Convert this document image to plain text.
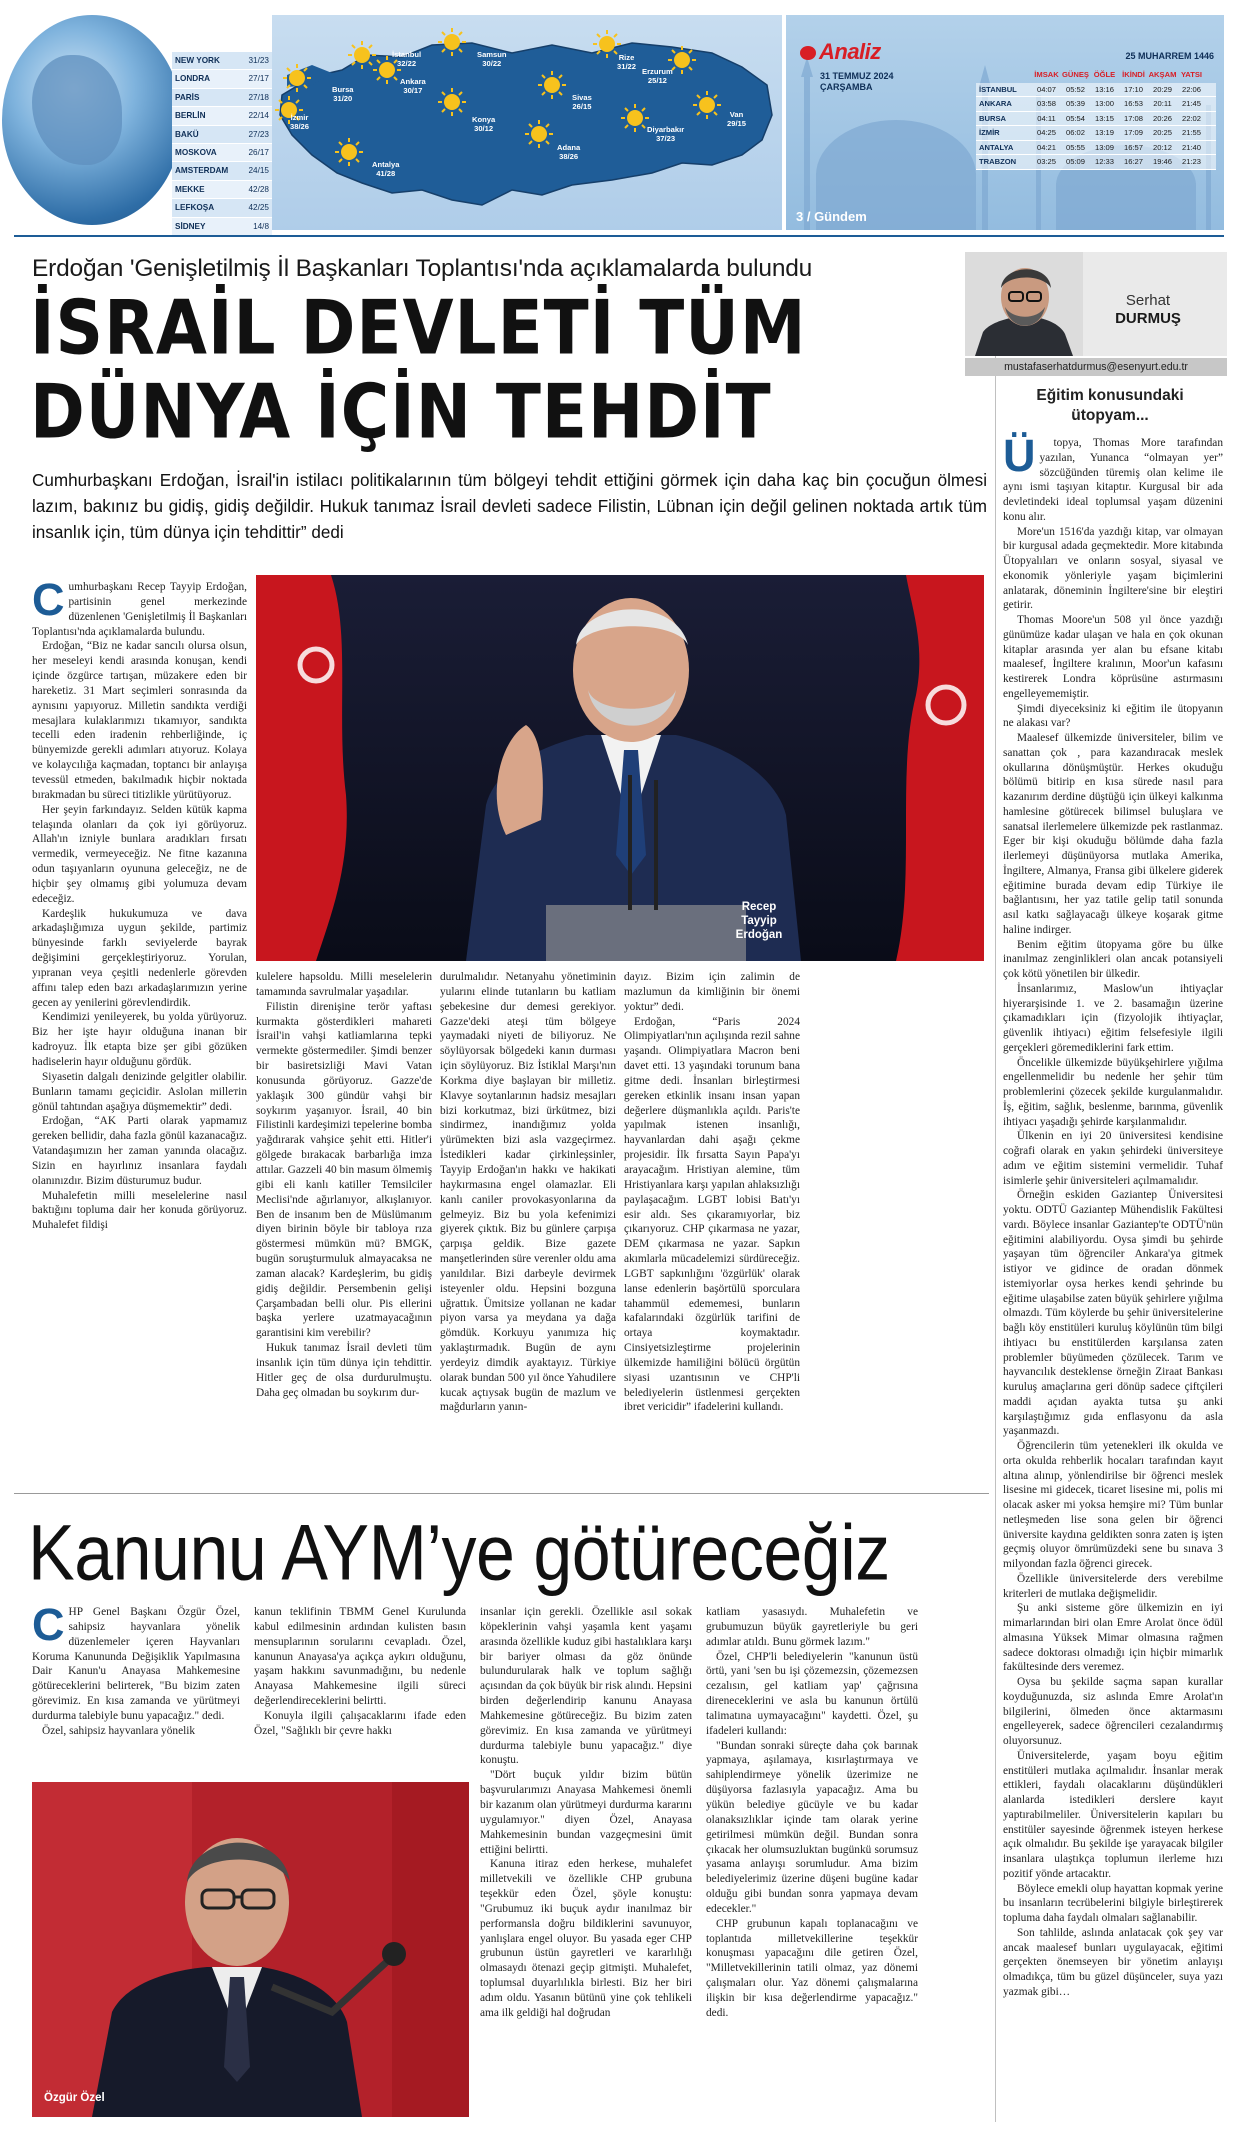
NEW YORK	31/23
LONDRA	27/17
PARİS	27/18
BERLİN	22/14
BAKÜ	27/23
MOSKOVA	26/17
AMSTERDAM 24/15
MEKKE	42/28
LEFKOŞA	42/25
SİDNEY	14/8
İstanbul
32/22
Bursa
31/20
Ankara
30/17
İzmir
38/26
Antalya
41/28
Konya
30/12
Samsun
30/22
Sivas
26/15
Adana
38/26
Rize
31/22
Erzurum
25/12
Diyarbakır
37/23
Van
29/15
Analiz
31 TEMMUZ 2024
ÇARŞAMBA
25 MUHARREM 1446
İMSAK GÜNEŞ ÖĞLE İKİNDİ AKŞAM YATSI
İSTANBUL	04:07	05:52	13:16	17:10	20:29	22:06
ANKARA	03:58	05:39	13:00	16:53	20:11	21:45
BURSA	04:11	05:54	13:15	17:08	20:26	22:02
İZMİR	04:25	06:02	13:19	17:09	20:25	21:55
ANTALYA	04:21	05:55	13:09	16:57	20:12	21:40
TRABZON	03:25	05:09	12:33	16:27	19:46	21:23
3 / Gündem
Erdoğan 'Genişletilmiş İl Başkanları Toplantısı'nda açıklamalarda bulundu
İSRAİL DEVLETİ TÜM
DÜNYA İÇİN TEHDİT
Cumhurbaşkanı Erdoğan, İsrail'in istilacı politikalarının tüm bölgeyi tehdit ettiğini görmek için daha kaç bin çocuğun ölmesi lazım, bakınız bu gidiş, gidiş değildir. Hukuk tanımaz İsrail devleti sadece Filistin, Lübnan için değil gelinen noktada artık tüm insanlık için, tüm dünya için tehdittir” dedi
C umhurbaşkanı Recep Tayyip Erdoğan, partisinin genel merkezinde düzenlenen 'Genişletilmiş İl Başkanları Toplantısı'nda açıklamalarda bulundu.

Erdoğan, “Biz ne kadar sancılı olursa olsun, her meseleyi kendi arasında konuşan, kendi içinde özgürce tartışan, müzakere eden bir hareketiz. 31 Mart seçimleri sonrasında da aynısını yapıyoruz. Milletin sandıkta verdiği mesajlara kulaklarımızı tıkamıyor, sandıkta tecelli eden iradenin rehberliğinde, iç bünyemizde gerekli adımları atıyoruz. Kolaya ve kolaycılığa kaçmadan, toptancı bir anlayışa tevessül etmeden, bakılmadık hiçbir noktada bırakmadan bu süreci titizlikle yürütüyoruz.

Her şeyin farkındayız. Selden kütük kapma telaşında olanları da çok iyi görüyoruz. Allah'ın izniyle bunlara aradıkları fırsatı vermedik, vermeyeceğiz. Ne fitne kazanına odun taşıyanların oyununa geleceğiz, ne de hiçbir şey olmamış gibi yolumuza devam edeceğiz.

Kardeşlik hukukumuza ve dava arkadaşlığımıza uygun şekilde, partimiz bünyesinde farklı seviyelerde bayrak değişimini gerçekleştiriyoruz. Yorulan, yıpranan veya çeşitli nedenlerle görevden affını talep eden bazı arkadaşlarımızın yerine gecen ay yenilerini görevlendirdik.

Kendimizi yenileyerek, bu yolda yürüyoruz. Biz her işte hayır olduğuna inanan bir kadroyuz. İlk etapta bize şer gibi gözüken hadiselerin hayır olduğunu gördük.

Siyasetin dalgalı denizinde gelgitler olabilir. Bunların tamamı geçicidir. Aslolan millетin gönül tahtından aşağıya düşmemektir” dedi.

Erdoğan, “AK Parti olarak yapmamız gereken bellidir, daha fazla gönül kazanacağız. Vatandaşımızın her zaman yanında olacağız. Sizin en hayırlınız insanlara faydalı olanınızdır. Bizim düsturumuz budur.

Muhalefetin milli meselelerine nasıl baktığını topluma dair her konuda görüyoruz. Muhalefet fildişi

Recep Tayyip Erdoğan

kulelere hapsoldu. Milli meselelerin tamamında savrulmalar yaşadılar.

Filistin direnişine terör yaftası kurmakta gösterdikleri mahareti İsrail'in vahşi katliamlarına tepki vermekte göstermediler. Şimdi benzer bir basiretsizliği Mavi Vatan konusunda görüyoruz. Gazze'de yaklaşık 300 gündür vahşi bir soykırım yaşanıyor. İsrail, 40 bin Filistinli kardeşimizi tepelerine bomba yağdırarak vahşice şehit etti. Hitler'i gölgede bırakacak barbarlığa imza attılar. Gazzeli 40 bin masum ölmemiş gibi eli kanlı katiller Temsilciler Meclisi'nde ağırlanıyor, alkışlanıyor. Ben de insanım ben de Müslümanım diyen birinin böyle bir tabloya rıza göstermesi mümkün mü? BMGK, bugün soruşturmuluk almayacaksa ne zaman alacak? Kardeşlerim, bu gidiş gidiş değildir. Persembenin gelişi Çarşambadan belli olur. Pis ellerini başka yerlere uzatmayacağının garantisini kim verebilir?

Hukuk tanımaz İsrail devleti tüm insanlık için tüm dünya için tehdittir. Hitler geç de olsa durdurulmuştu. Daha geç olmadan bu soykırım dur-

durulmalıdır. Netanyahu yönetiminin yularını elinde tutanların bu katliam şebekesine dur demesi gerekiyor. Gazze'deki ateşi tüm bölgeye yaymadaki niyeti de biliyoruz. Ne söylüyorsak bölgedeki kanın durması için söylüyoruz. Biz İstiklal Marşı'nın Korkma diye başlayan bir milletiz. Klavye soytanlarının hadsiz mesajları bizi korkutmaz, bizi ürkütmez, bizi sindirmez, inandığımız yolda yürümekten bizi asla vazgeçirmez. İstedikleri kadar çirkinleşsinler, Tayyip Erdoğan'ın hakkı ve hakikati haykırmasına engel olamazlar. Eli kanlı caniler provokasyonlarına da gelmeyiz. Biz bu yola kefenimizi giyerek çıktık. Biz bu günlere çarpışa çarpışa geldik. Bize gazete manşetlerinden süre verenler oldu ama yanıldılar. Bizi darbeyle devirmek isteyenler oldu. Hepsini bozguna uğrattık. Ümitsize yollanan ne kadar piyon varsa ya meydana ya dağa gömdük. Korkuyu yanımıza hiç yaklaştırmadık. Bugün de aynı yerdeyiz dimdik ayaktayız. Türkiye olarak bundan 500 yıl önce Yahudilere kucak açtıysak bugün de mazlum ve mağdurların yanın-

dayız. Bizim için zalimin de mazlumun da kimliğinin bir önemi yoktur” dedi.

Erdoğan, “Paris 2024 Olimpiyatları'nın açılışında rezil sahne yaşandı. Olimpiyatlara Macron beni davet etti. 13 yaşındaki torunum bana gitme dedi. İnsanları birleştirmesi gereken etkinlik insanı insan yapan değerlere düşmanlıkla açıldı. Paris'te yapılmak istenen insanlığı, hayvanlardan dahi aşağı çekme projesidir. İlk fırsatta Sayın Papa'yı arayacağım. Hristiyan alemine, tüm Hristiyanlara karşı yapılan ahlaksızlığı paylaşacağım. LGBT lobisi Batı'yı esir aldı. Ses çıkaramıyorlar, biz çıkarıyoruz. CHP çıkarmasa ne yazar, DEM çıkarmasa ne yazar. Sapkın akımlarla mücadelemizi sürdüreceğiz. LGBT sapkınlığını 'özgürlük' olarak lanse edenlerin başörtülü sporculara tahammül edememesi, bunların kafalarındaki özgürlük tarifini de ortaya koymaktadır. Cinsiyetsizleştirme projelerinin ülkemizde hamiliğini bölücü örgütün siyasi uzantısının ve CHP'li belediyelerin üstlenmesi gerçekten ibret vericidir” ifadelerini kullandı.

Kanunu AYM’ye götüreceğiz
C HP Genel Başkanı Özgür Özel, sahipsiz hayvanlara yönelik düzenlemeler içeren Hayvanları Koruma Kanununda Değişiklik Yapılmasına Dair Kanun'u Anayasa Mahkemesine götüreceklerini belirterek, "Bu bizim zaten görevimiz. En kısa zamanda ve yürütmeyi durdurma talebiyle bunu yapacağız." dedi.

Özel, sahipsiz hayvanlara yönelik

kanun teklifinin TBMM Genel Kurulunda kabul edilmesinin ardından kulisten basın mensuplarının sorularını cevapladı. Özel, kanunun Anayasa'ya açıkça aykırı olduğunu, yaşam hakkını savunmadığını, bu nedenle Anayasa Mahkemesine ilgili süreci değerlendireceklerini belirtti.

Konuyla ilgili çalışacaklarını ifade eden Özel, "Sağlıklı bir çevre hakkı

insanlar için gerekli. Özellikle asıl sokak köpeklerinin vahşi yaşamla kent yaşamı arasında özellikle kuduz gibi hastalıklara karşı bir bariyer olması da göz önünde bulundurularak halk ve toplum sağlığı açısından da çok büyük bir risk alındı. Hepsini birden değerlendirip kanunu Anayasa Mahkemesine götüreceğiz. Bu bizim zaten görevimiz. En kısa zamanda ve yürütmeyi durdurma talebiyle bunu yapacağız." diye konuştu.

"Dört buçuk yıldır bizim bütün başvurularımızı Anayasa Mahkemesi önemli bir kazanım olan yürütmeyi durdurma kararını uygulamıyor." diyen Özel, Anayasa Mahkemesinin bundan vazgeçmesini ümit ettiğini belirtti.

Kanuna itiraz eden herkese, muhalefet milletvekili ve özellikle CHP grubuna teşekkür eden Özel, şöyle konuştu: "Grubumuz iki buçuk aydır inanılmaz bir performansla doğru bildiklerini savunuyor, yanlışlara engel oluyor. Bu yasada eger CHP grubunun üstün gayretleri ve kararlılığı olmasaydı ötenazi geçip gitmişti. Muhalefet, toplumsal duyarlılıkla birlesti. Biz her biri adım oldu. Yasanın bütünü yine çok tehlikeli ama ilk geldiği hal doğrudan

katliam yasasıydı. Muhalefetin ve grubumuzun büyük gayretleriyle bu geri adımlar atıldı. Bunu görmek lazım."

Özel, CHP'li belediyelerin "kanunun üstü örtü, yani 'sen bu işi çözemezsin, çözemezsen cezalısın, gel katliam yap' çağrısına direneceklerini ve asla bu kanunun örtülü talimatına uymayacağını" kaydetti. Özel, şu ifadeleri kullandı:

"Bundan sonraki süreçte daha çok barınak yapmaya, aşılamaya, kısırlaştırmaya ve sahiplendirmeye yönelik üzerimize ne düşüyorsa fazlasıyla yapacağız. Ama bu yükün belediye gücüyle ve bu kadar olanaksızlıklar içinde tam olarak yerine getirilmesi mümkün değil. Bundan sonra çıkacak her olumsuzluktan bugünkü sorumsuz yasama anlayışı sorumludur. Ama bizim belediyelerimiz üzerine düşeni bugüne kadar olduğu gibi bundan sonra yapmaya devam edecekler."

CHP grubunun kapalı toplanacağını ve toplantıda milletvekillerine teşekkür konuşması yapacağını dile getiren Özel, "Milletvekillerinin tatili olmaz, yaz dönemi çalışmaları olur. Yaz dönemi çalışmalarına ilişkin bir kısa değerlendirme yapacağız." dedi.

Özgür Özel
Serhat
DURMUŞ
mustafaserhatdurmus@esenyurt.edu.tr
Eğitim konusundaki
ütopyam...
Ü	topya, Thomas More tarafından yazılan, Yunanca “olmayan yer” sözcüğünden türemiş olan kelime ile aynı ismi taşıyan kitaptır. Kurgusal bir ada devletindeki ideal toplumsal yaşam düzenini konu alır.

More'un 1516'da yazdığı kitap, var olmayan bir kurgusal adada geçmektedir. More kitabında Ütopyalıları ve onların sosyal, siyasal ve ekonomik yönleriyle yaşam biçimlerini anlatarak, döneminin İngiltere'sine bir eleştiri getirir.

Thomas Moore'un 508 yıl önce yazdığı günümüze kadar ulaşan ve hala en çok okunan kitaplar arasında yer alan bu efsane kitabı maalesef, İngiltere kralının, Moor'un kafasını kestirerek Londra köprüsüne astırmasını engelleyememiştir.

Şimdi diyeceksiniz ki eğitim ile ütopyanın ne alakası var?

Maalesef ülkemizde üniversiteler, bilim ve sanattan çok , para kazandıracak meslek okullarına dönüşmüştür. Herkes okuduğu bölümü bitirip en kısa sürede nasıl para kazanırım derdine düştüğü için ülkeyi kalkınma hamlesine götürecek bilimsel buluşlara ve sanatsal ilerlemelere ülkemizde pek rastlanmaz. Eger bir kişi okuduğu bölümde daha fazla ilerlemeyi düşünüyorsa mutlaka Amerika, İngiltere, Almanya, Fransa gibi ülkelere giderek eğitimine burada devam edip Türkiye ile bağlantısını, her yaz tatile gelip tatil sonunda asıl katkı sağlayacağı ülkeye koşarak gitme haline indirger.

Benim eğitim ütopyama göre bu ülke inanılmaz zenginlikleri olan ancak potansiyeli çok kötü yönetilen bir ülkedir.

İnsanlarımız, Maslow'un ihtiyaçlar hiyerarşisinde 1. ve 2. basamağın üzerine çıkamadıkları için (fizyolojik ihtiyaçlar, güvenlik ihtiyacı) eğitim felsefesiyle ilgili gerçekleri göremediklerini fark ettim.

Öncelikle ülkemizde büyükşehirlere yığılma engellenmelidir bu nedenle her şehir tüm problemlerini çözecek şekilde kurgulanmalıdır. İş, eğitim, sağlık, beslenme, barınma, güvenlik ihtiyacı yaşadığı şehirde karşılanmalıdır.

Ülkenin en iyi 20 üniversitesi kendisine coğrafi olarak en yakın şehirdeki üniversiteye adım ve eğitim sistemini vermelidir. Tuhaf isimlerle şehir üniversiteleri açılmamalıdır.

Örneğin eskiden Gaziantep Üniversitesi yoktu. ODTÜ Gaziantep Mühendislik Fakültesi vardı. Böylece insanlar Gaziantep'te ODTÜ'nün eğitimini alabiliyordu. Oysa şimdi bu şehirde yaşayan tüm öğrenciler Ankara'ya gitmek istiyor ve gidince de oradan dönmek istemiyorlar oysa herkes kendi şehrinde bu eğitime ulaşabilse zaten büyük şehirlere yığılma olmazdı. Tüm köylerde bu şehir üniversitelerine bağlı köy enstitüleri kuruluş köylünün tüm bilgi ihtiyacı bu enstitülerden karşılansa zaten problemler büyümeden çözülecek. Tarım ve hayvancılık desteklense örneğin Ziraat Bankası kuruluş amaçlarına geri dönüp sadece çiftçileri maddi açıdan ayakta tutsa şu anki karşılaştığımız gıda enflasyonu da asla yaşanmazdı.

Öğrencilerin tüm yetenekleri ilk okulda ve orta okulda rehberlik hocaları tarafından kayıt altına alınıp, yönlendirilse bir öğrenci meslek lisesine mi gidecek, ticaret lisesine mi, polis mi olacak asker mi yoksa hemşire mi? Tüm bunlar netleşmeden lise sona gelen bir öğrenci üniversite kaydına geldikten sonra zaten iş işten geçmiş oluyor ömrümüzdeki sene bu sınava 3 milyondan fazla öğrenci girecek.

Özellikle üniversitelerde ders verebilme kriterleri de mutlaka değişmelidir.

Şu anki sisteme göre ülkemizin en iyi mimarlarından biri olan Emre Arolat önce ödül almasına Yüksek Mimar olmasına rağmen sadece doktorası olmadığı için hiçbir mimarlık fakültesinde ders veremez.

Oysa bu şekilde saçma sapan kurallar koyduğunuzda, siz aslında Emre Arolat'ın bilgilerini, ölmeden önce aktarmasını engelleyerek, sadece öğrencileri cezalandırmış oluyorsunuz.

Üniversitelerde, yaşam boyu eğitim enstitüleri mutlaka açılmalıdır. İnsanlar merak ettikleri, faydalı olacaklarını düşündükleri alanlarda istedikleri derslere kayıt yaptırabilmeliler. Üniversitelerin kapıları bu enstitüler sayesinde öğrenmek isteyen herkese açık olmalıdır. Bu şekilde işe yarayacak bilgiler insanlara ulaştıkça toplumun ilerleme hızı pozitif yönde artacaktır.

Böylece emekli olup hayattan kopmak yerine bu insanların tecrübelerini bilgiyle birleştirerek topluma daha faydalı olmaları sağlanabilir.

Son tahlilde, aslında anlatacak çok şey var ancak maalesef bunları uygulayacak, eğitimi gerçekten önemseyen bir yönetim anlayışı olmadıkça, tüm bu güzel düşünceler, suya yazı yazmak gibi…
